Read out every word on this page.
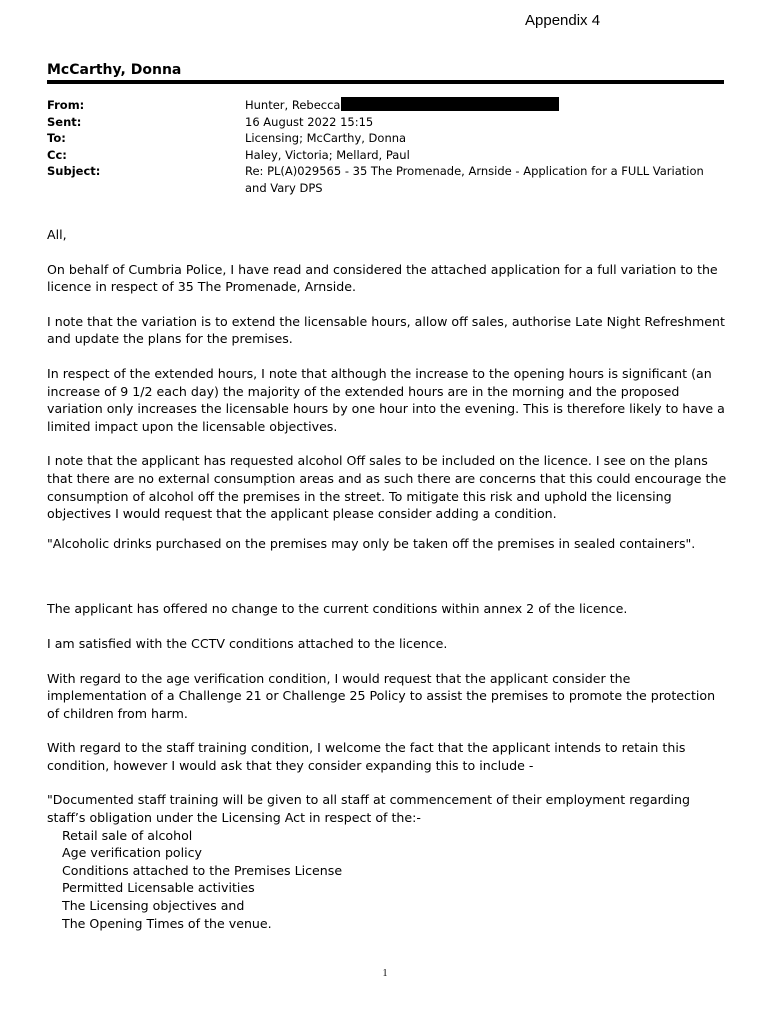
Appendix 4
McCarthy, Donna
From:	Hunter, Rebecca
Sent:	16 August 2022 15:15
To:	Licensing; McCarthy, Donna
Cc:	Haley, Victoria; Mellard, Paul
Subject:	Re: PL(A)029565 - 35 The Promenade, Arnside - Application for a FULL Variation and Vary DPS

All,

On behalf of Cumbria Police, I have read and considered the attached application for a full variation to the licence in respect of 35 The Promenade, Arnside.

I note that the variation is to extend the licensable hours, allow off sales, authorise Late Night Refreshment and update the plans for the premises.

In respect of the extended hours, I note that although the increase to the opening hours is significant (an increase of 9 1/2 each day) the majority of the extended hours are in the morning and the proposed variation only increases the licensable hours by one hour into the evening. This is therefore likely to have a limited impact upon the licensable objectives.

I note that the applicant has requested alcohol Off sales to be included on the licence. I see on the plans that there are no external consumption areas and as such there are concerns that this could encourage the consumption of alcohol off the premises in the street. To mitigate this risk and uphold the licensing objectives I would request that the applicant please consider adding a condition.

"Alcoholic drinks purchased on the premises may only be taken off the premises in sealed containers".

The applicant has offered no change to the current conditions within annex 2 of the licence.

I am satisfied with the CCTV conditions attached to the licence.

With regard to the age verification condition, I would request that the applicant consider the implementation of a Challenge 21 or Challenge 25 Policy to assist the premises to promote the protection of children from harm.

With regard to the staff training condition, I welcome the fact that the applicant intends to retain this condition, however I would ask that they consider expanding this to include -

"Documented staff training will be given to all staff at commencement of their employment regarding staff’s obligation under the Licensing Act in respect of the:-

Retail sale of alcohol
Age verification policy
Conditions attached to the Premises License
Permitted Licensable activities
The Licensing objectives and
The Opening Times of the venue.
1
